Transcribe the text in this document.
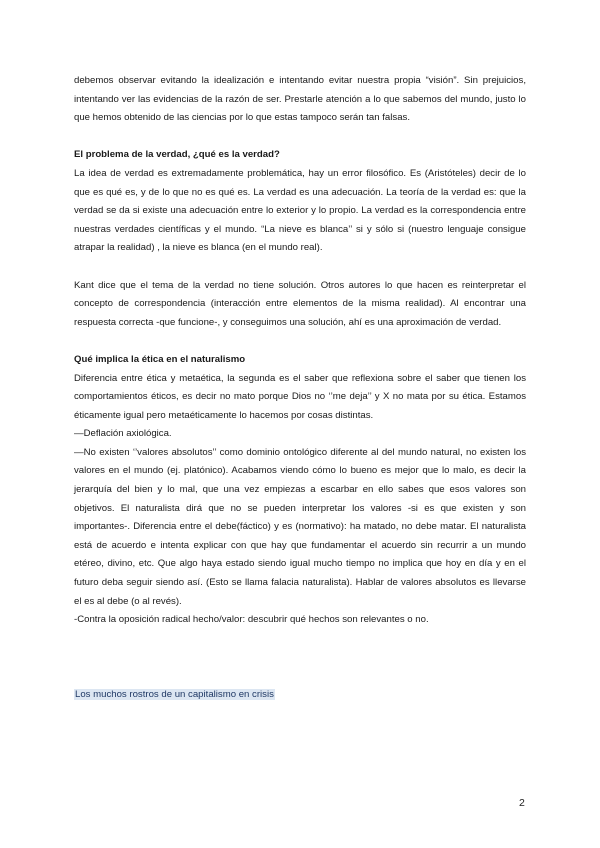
debemos observar evitando la idealización e intentando evitar nuestra propia “visión”. Sin prejuicios, intentando ver las evidencias de la razón de ser. Prestarle atención a lo que sabemos del mundo, justo lo que hemos obtenido de las ciencias por lo que estas tampoco serán tan falsas.

El problema de la verdad, ¿qué es la verdad?

La idea de verdad es extremadamente problemática, hay un error filosófico. Es (Aristóteles) decir de lo que es qué es, y de lo que no es qué es. La verdad es una adecuación. La teoría de la verdad es: que la verdad se da si existe una adecuación entre lo exterior y lo propio. La verdad es la correspondencia entre nuestras verdades científicas y el mundo. “La nieve es blanca’’ si y sólo si (nuestro lenguaje consigue atrapar la realidad) , la nieve es blanca (en el mundo real).

Kant dice que el tema de la verdad no tiene solución. Otros autores lo que hacen es reinterpretar el concepto de correspondencia (interacción entre elementos de la misma realidad). Al encontrar una respuesta correcta -que funcione-, y conseguimos una solución, ahí es una aproximación de verdad.

Qué implica la ética en el naturalismo

Diferencia entre ética y metaética, la segunda es el saber que reflexiona sobre el saber que tienen los comportamientos éticos, es decir no mato porque Dios no ‘’me deja’’ y X no mata por su ética. Estamos éticamente igual pero metaéticamente lo hacemos por cosas distintas.

—Deflación axiológica.

—No existen ‘’valores absolutos’’ como dominio ontológico diferente al del mundo natural, no existen los valores en el mundo (ej. platónico). Acabamos viendo cómo lo bueno es mejor que lo malo, es decir la jerarquía del bien y lo mal, que una vez empiezas a escarbar en ello sabes que esos valores son objetivos. El naturalista dirá que no se pueden interpretar los valores -si es que existen y son importantes-. Diferencia entre el debe(fáctico) y es (normativo): ha matado, no debe matar. El naturalista está de acuerdo e intenta explicar con que hay que fundamentar el acuerdo sin recurrir a un mundo etéreo, divino, etc. Que algo haya estado siendo igual mucho tiempo no implica que hoy en día y en el futuro deba seguir siendo así. (Esto se llama falacia naturalista). Hablar de valores absolutos es llevarse el es al debe (o al revés).

-Contra la oposición radical hecho/valor: descubrir qué hechos son relevantes o no.

Los muchos rostros de un capitalismo en crisis

2
